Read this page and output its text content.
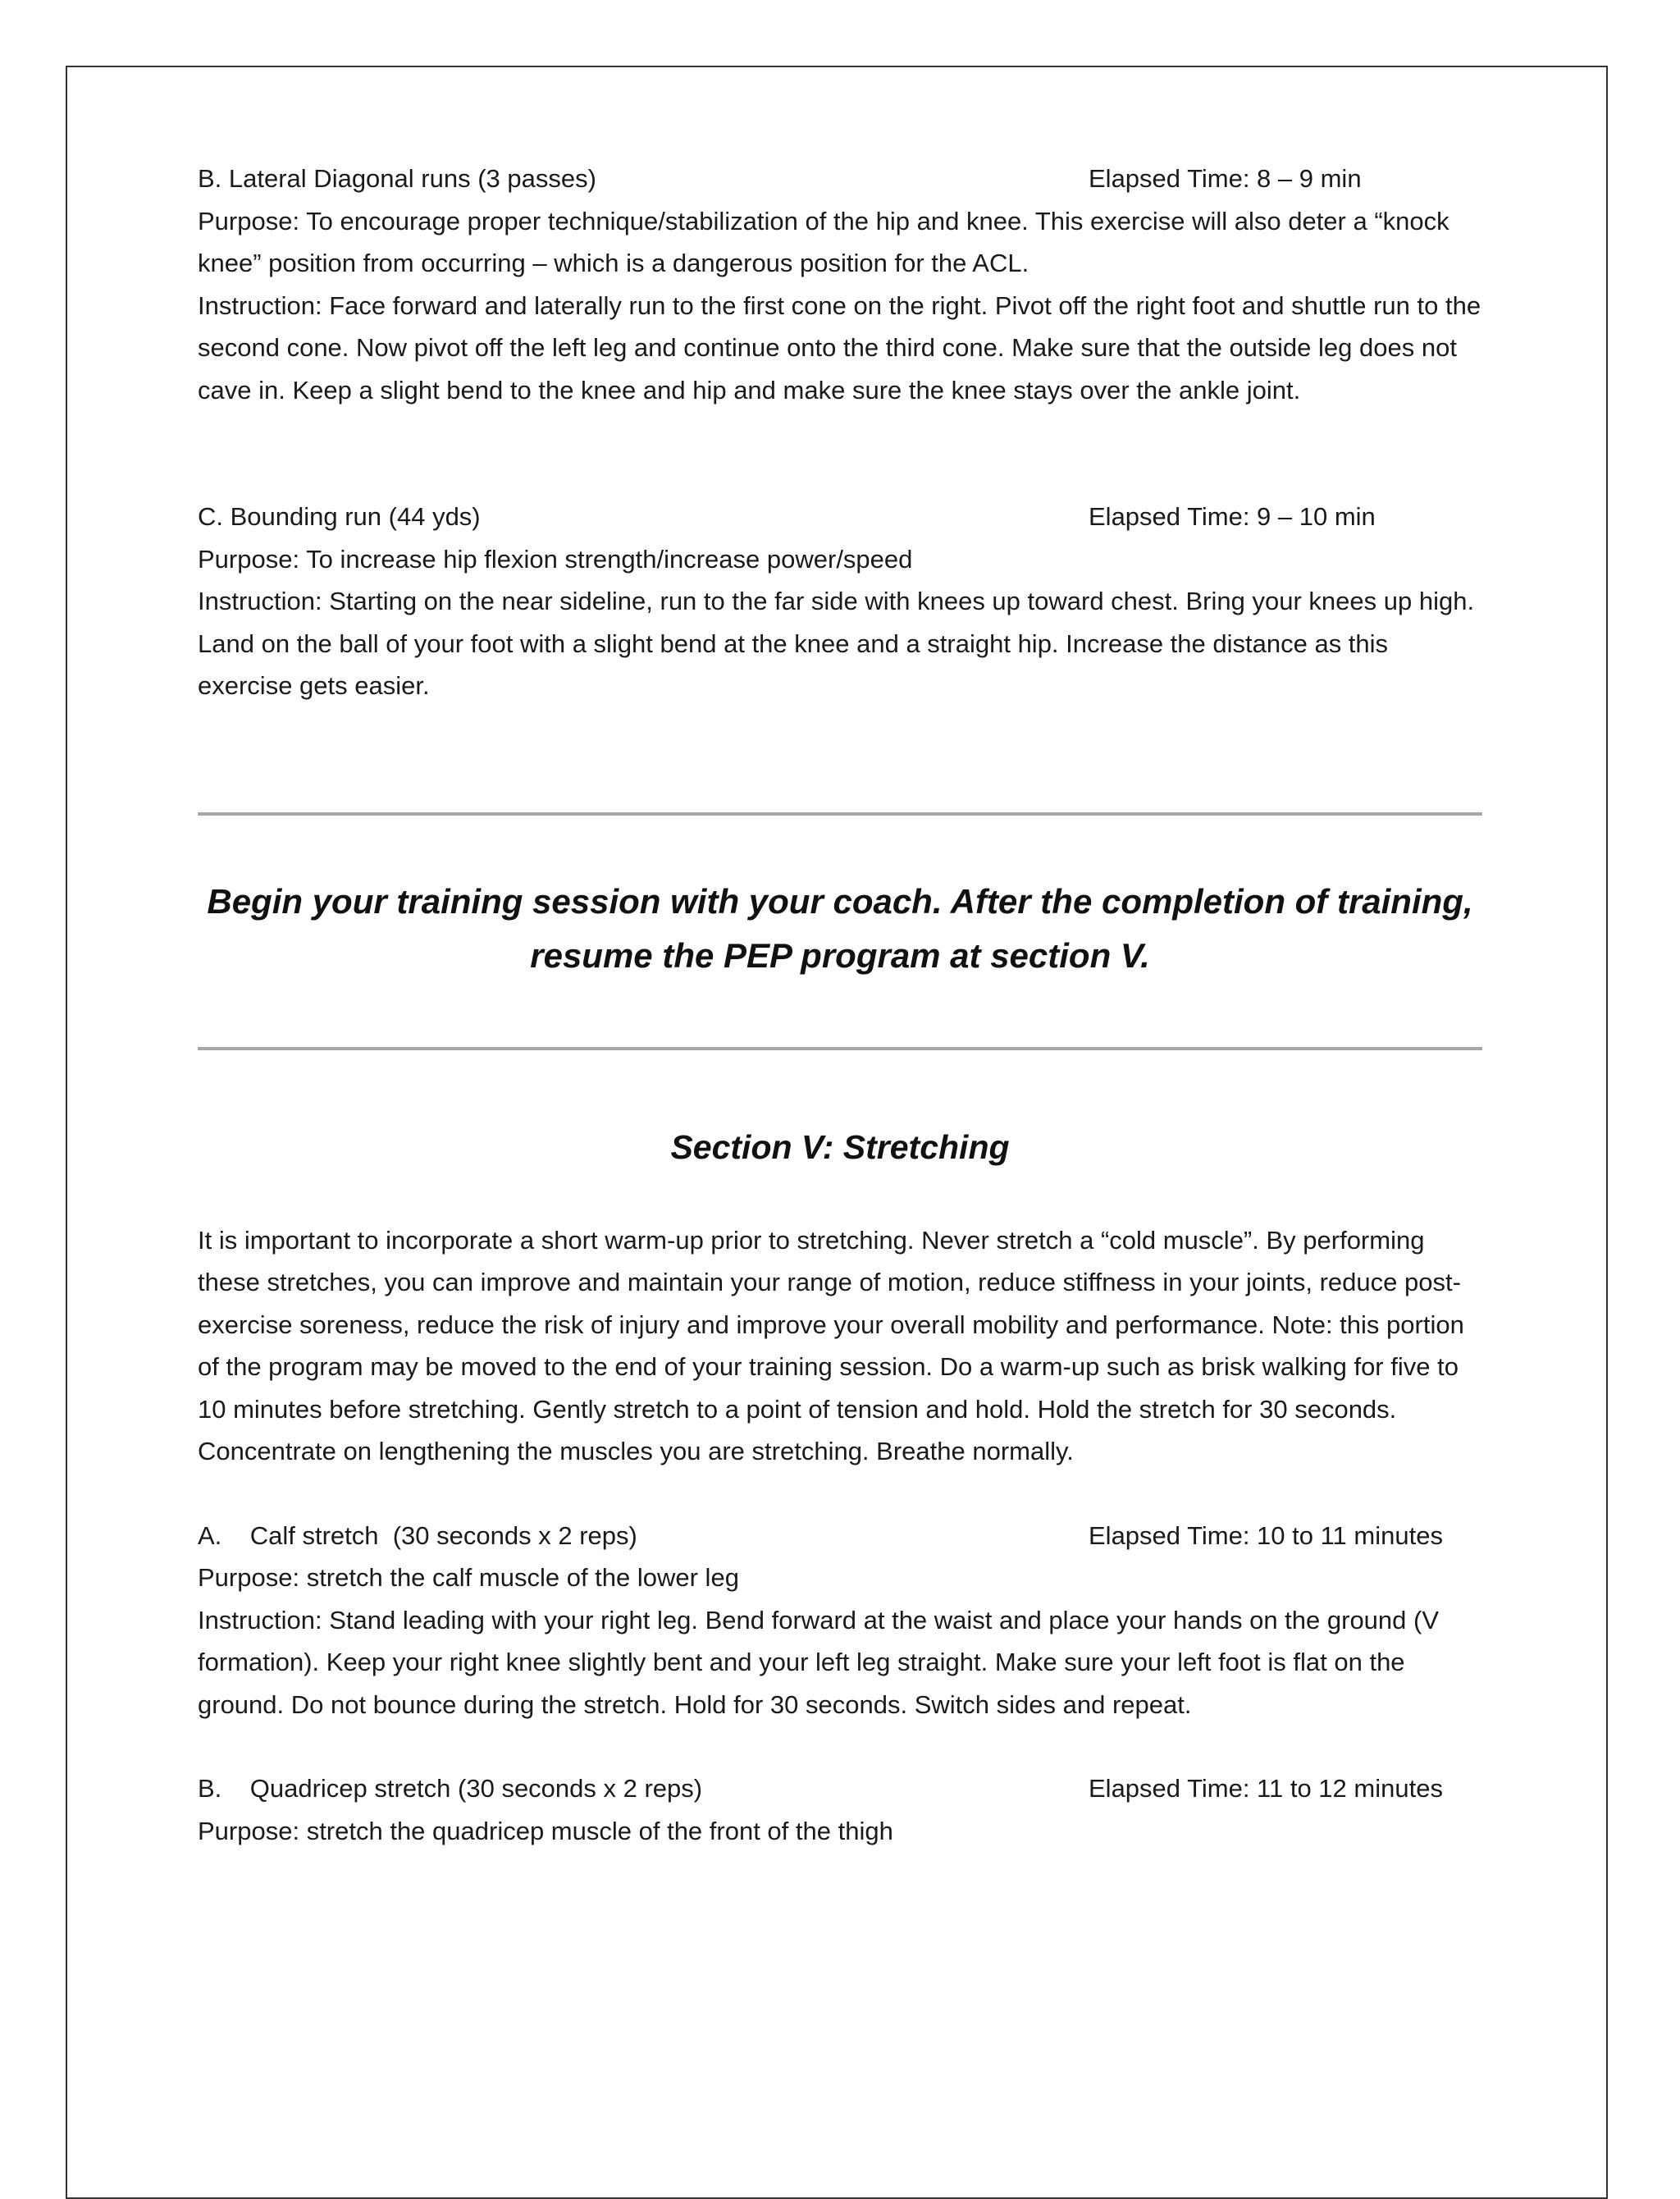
B. Lateral Diagonal runs (3 passes)	Elapsed Time: 8 – 9 min

Purpose: To encourage proper technique/stabilization of the hip and knee. This exercise will also deter a “knock knee” position from occurring – which is a dangerous position for the ACL.

Instruction: Face forward and laterally run to the first cone on the right. Pivot off the right foot and shuttle run to the second cone. Now pivot off the left leg and continue onto the third cone. Make sure that the outside leg does not cave in. Keep a slight bend to the knee and hip and make sure the knee stays over the ankle joint.

C. Bounding run (44 yds)	Elapsed Time: 9 – 10 min

Purpose: To increase hip flexion strength/increase power/speed

Instruction: Starting on the near sideline, run to the far side with knees up toward chest. Bring your knees up high. Land on the ball of your foot with a slight bend at the knee and a straight hip. Increase the distance as this exercise gets easier.

Begin your training session with your coach. After the completion of training,
resume the PEP program at section V.
Section V: Stretching

It is important to incorporate a short warm-up prior to stretching. Never stretch a “cold muscle”. By performing these stretches, you can improve and maintain your range of motion, reduce stiffness in your joints, reduce post-exercise soreness, reduce the risk of injury and improve your overall mobility and performance. Note: this portion of the program may be moved to the end of your training session. Do a warm-up such as brisk walking for five to 10 minutes before stretching. Gently stretch to a point of tension and hold. Hold the stretch for 30 seconds. Concentrate on lengthening the muscles you are stretching. Breathe normally.

A.    Calf stretch  (30 seconds x 2 reps)	Elapsed Time: 10 to 11 minutes

Purpose: stretch the calf muscle of the lower leg

Instruction: Stand leading with your right leg. Bend forward at the waist and place your hands on the ground (V formation). Keep your right knee slightly bent and your left leg straight. Make sure your left foot is flat on the ground. Do not bounce during the stretch. Hold for 30 seconds. Switch sides and repeat.

B.    Quadricep stretch (30 seconds x 2 reps)	Elapsed Time: 11 to 12 minutes

Purpose: stretch the quadricep muscle of the front of the thigh
